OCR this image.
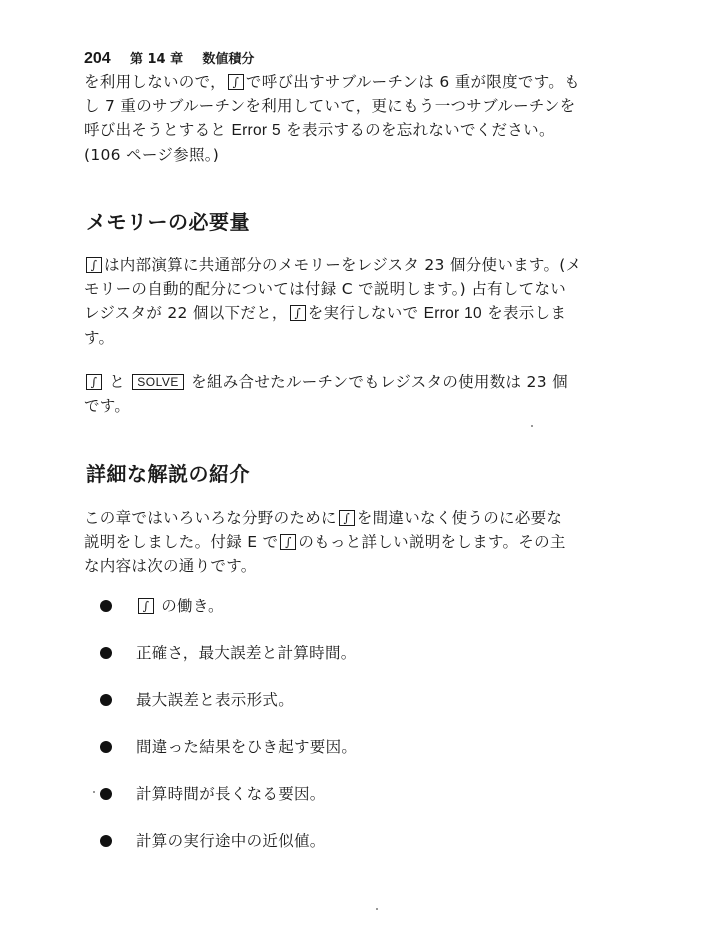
204 第 14 章 数値積分
を利用しないので， ∫ で呼び出すサブルーチンは 6 重が限度です。も
し 7 重のサブルーチンを利用していて，更にもう一つサブルーチンを
呼び出そうとすると Error 5 を表示するのを忘れないでください。
(106 ページ参照。)
メモリーの必要量
∫ は内部演算に共通部分のメモリーをレジスタ 23 個分使います。(メ
モリーの自動的配分については付録 C で説明します。) 占有してない
レジスタが 22 個以下だと， ∫ を実行しないで Error 10 を表示しま
す。
∫ と SOLVE を組み合せたルーチンでもレジスタの使用数は 23 個
です。
詳細な解説の紹介
この章ではいろいろな分野のために ∫ を間違いなく使うのに必要な
説明をしました。付録 E で ∫ のもっと詳しい説明をします。その主
な内容は次の通りです。
∫ の働き。
正確さ，最大誤差と計算時間。
最大誤差と表示形式。
間違った結果をひき起す要因。
計算時間が長くなる要因。
計算の実行途中の近似値。
